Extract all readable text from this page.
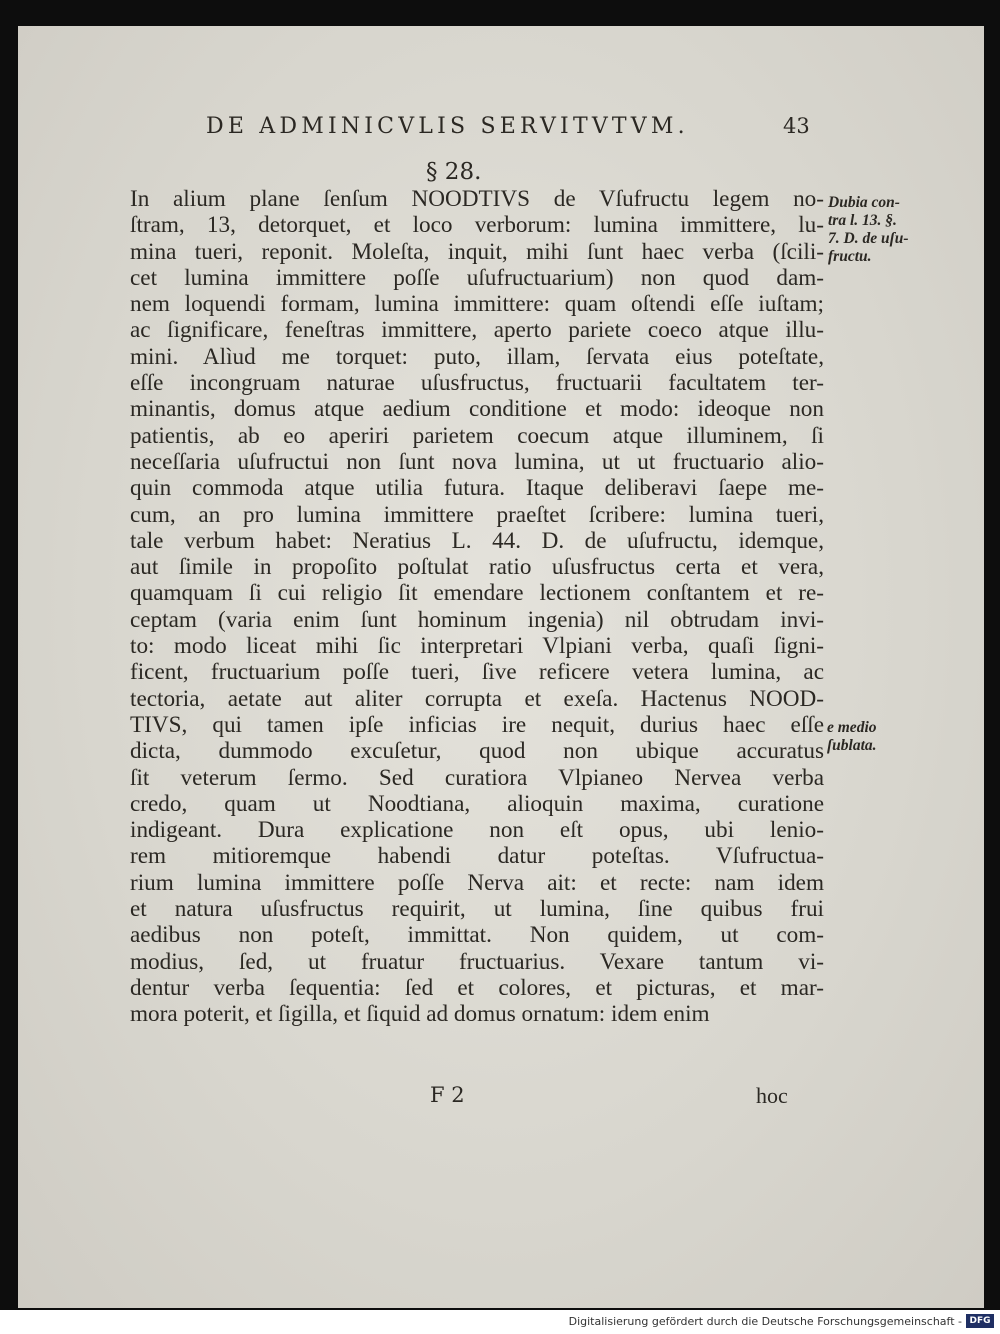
DE ADMINICVLIS SERVITVTVM.	43
§ 28.
In alium plane ſenſum NOODTIVS de Vſufructu legem no-
ſtram, 13, detorquet, et loco verborum: lumina immittere, lu-
mina tueri, reponit. Moleſta, inquit, mihi ſunt haec verba (ſcili-
cet lumina immittere poſſe uſufructuarium) non quod dam-
nem loquendi formam, lumina immittere: quam oſtendi eſſe iuſtam;
ac ſignificare, feneſtras immittere, aperto pariete coeco atque illu-
mini. Alìud me torquet: puto, illam, ſervata eius poteſtate,
eſſe incongruam naturae uſusfructus, fructuarii facultatem ter-
minantis, domus atque aedium conditione et modo: ideoque non
patientis, ab eo aperiri parietem coecum atque illuminem, ſi
neceſſaria uſufructui non ſunt nova lumina, ut ut fructuario alio-
quin commoda atque utilia futura. Itaque deliberavi ſaepe me-
cum, an pro lumina immittere praeſtet ſcribere: lumina tueri,
tale verbum habet: Neratius L. 44. D. de uſufructu, idemque,
aut ſimile in propoſito poſtulat ratio uſusfructus certa et vera,
quamquam ſi cui religio ſit emendare lectionem conſtantem et re-
ceptam (varia enim ſunt hominum ingenia) nil obtrudam invi-
to: modo liceat mihi ſic interpretari Vlpiani verba, quaſi ſigni-
ficent, fructuarium poſſe tueri, ſive reficere vetera lumina, ac
tectoria, aetate aut aliter corrupta et exeſa. Hactenus NOOD-
TIVS, qui tamen ipſe inficias ire nequit, durius haec eſſe
dicta, dummodo excuſetur, quod non ubique accuratus
ſit veterum ſermo. Sed curatiora Vlpianeo Nervea verba
credo, quam ut Noodtiana, alioquin maxima, curatione
indigeant. Dura explicatione non eſt opus, ubi lenio-
rem mitioremque habendi datur poteſtas. Vſufructua-
rium lumina immittere poſſe Nerva ait: et recte: nam idem
et natura uſusfructus requirit, ut lumina, ſine quibus frui
aedibus non poteſt, immittat. Non quidem, ut com-
modius, ſed, ut fruatur fructuarius. Vexare tantum vi-
dentur verba ſequentia: ſed et colores, et picturas, et mar-
mora poterit, et ſigilla, et ſiquid ad domus ornatum: idem enim
Dubia con-
tra l. 13. §.
7. D. de uſu-
fructu.
e medio
ſublata.
F 2	hoc
Digitalisierung gefördert durch die Deutsche Forschungsgemeinschaft - DFG
